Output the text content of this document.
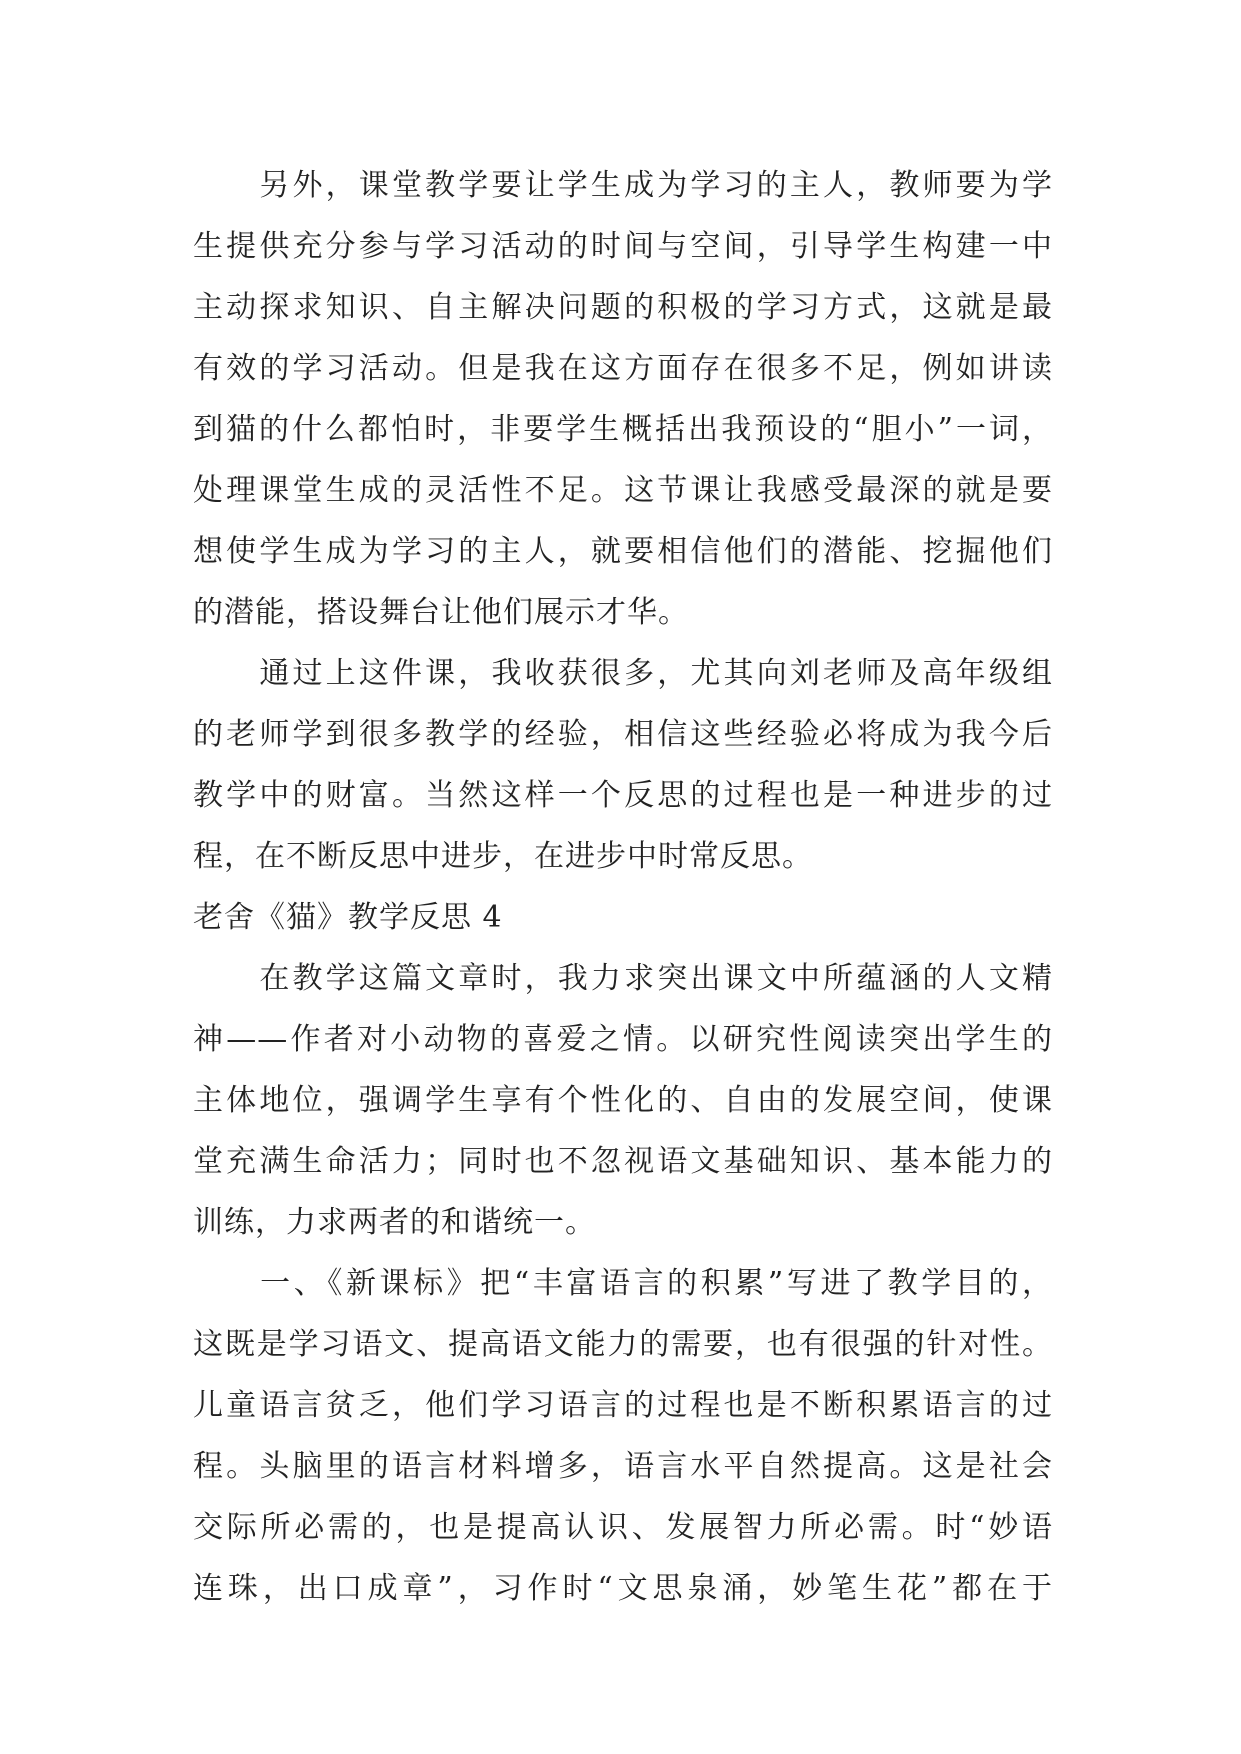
　　另外，课堂教学要让学生成为学习的主人，教师要为学
生提供充分参与学习活动的时间与空间，引导学生构建一中
主动探求知识、自主解决问题的积极的学习方式，这就是最
有效的学习活动。但是我在这方面存在很多不足，例如讲读
到猫的什么都怕时，非要学生概括出我预设的“胆小”一词，
处理课堂生成的灵活性不足。这节课让我感受最深的就是要
想使学生成为学习的主人，就要相信他们的潜能、挖掘他们
的潜能，搭设舞台让他们展示才华。
　　通过上这件课，我收获很多，尤其向刘老师及高年级组
的老师学到很多教学的经验，相信这些经验必将成为我今后
教学中的财富。当然这样一个反思的过程也是一种进步的过
程，在不断反思中进步，在进步中时常反思。
老舍《猫》教学反思 4
　　在教学这篇文章时，我力求突出课文中所蕴涵的人文精
神——作者对小动物的喜爱之情。以研究性阅读突出学生的
主体地位，强调学生享有个性化的、自由的发展空间，使课
堂充满生命活力；同时也不忽视语文基础知识、基本能力的
训练，力求两者的和谐统一。
　　一、《新课标》把“丰富语言的积累”写进了教学目的，
这既是学习语文、提高语文能力的需要，也有很强的针对性。
儿童语言贫乏，他们学习语言的过程也是不断积累语言的过
程。头脑里的语言材料增多，语言水平自然提高。这是社会
交际所必需的，也是提高认识、发展智力所必需。时“妙语
连珠，出口成章”，习作时“文思泉涌，妙笔生花”都在于
